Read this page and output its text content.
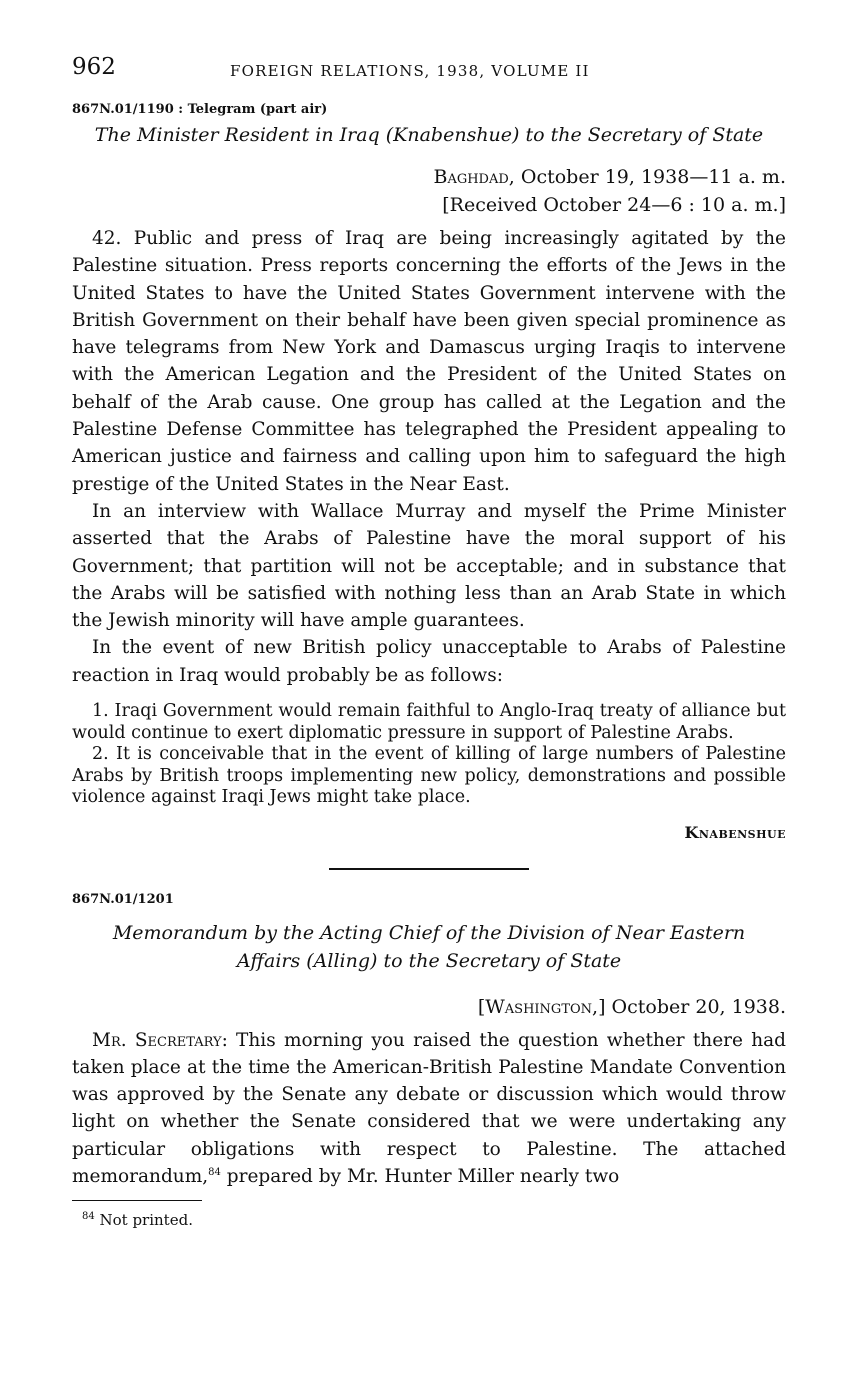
962	FOREIGN RELATIONS, 1938, VOLUME II
867N.01/1190 : Telegram (part air)

The Minister Resident in Iraq (Knabenshue) to the Secretary of State

Baghdad, October 19, 1938—11 a. m.
[Received October 24—6 : 10 a. m.]

42. Public and press of Iraq are being increasingly agitated by the Palestine situation. Press reports concerning the efforts of the Jews in the United States to have the United States Government intervene with the British Government on their behalf have been given special prominence as have telegrams from New York and Damascus urging Iraqis to intervene with the American Legation and the President of the United States on behalf of the Arab cause. One group has called at the Legation and the Palestine Defense Committee has telegraphed the President appealing to American justice and fairness and calling upon him to safeguard the high prestige of the United States in the Near East.

In an interview with Wallace Murray and myself the Prime Minister asserted that the Arabs of Palestine have the moral support of his Government; that partition will not be acceptable; and in substance that the Arabs will be satisfied with nothing less than an Arab State in which the Jewish minority will have ample guarantees.

In the event of new British policy unacceptable to Arabs of Palestine reaction in Iraq would probably be as follows:

1. Iraqi Government would remain faithful to Anglo-Iraq treaty of alliance but would continue to exert diplomatic pressure in support of Palestine Arabs.

2. It is conceivable that in the event of killing of large numbers of Palestine Arabs by British troops implementing new policy, demonstrations and possible violence against Iraqi Jews might take place.

Knabenshue
867N.01/1201

Memorandum by the Acting Chief of the Division of Near Eastern
Affairs (Alling) to the Secretary of State

[Washington,] October 20, 1938.

Mr. Secretary: This morning you raised the question whether there had taken place at the time the American-British Palestine Mandate Convention was approved by the Senate any debate or discussion which would throw light on whether the Senate considered that we were undertaking any particular obligations with respect to Palestine. The attached memorandum,$^{84}$ prepared by Mr. Hunter Miller nearly two

$^{84}$ Not printed.
